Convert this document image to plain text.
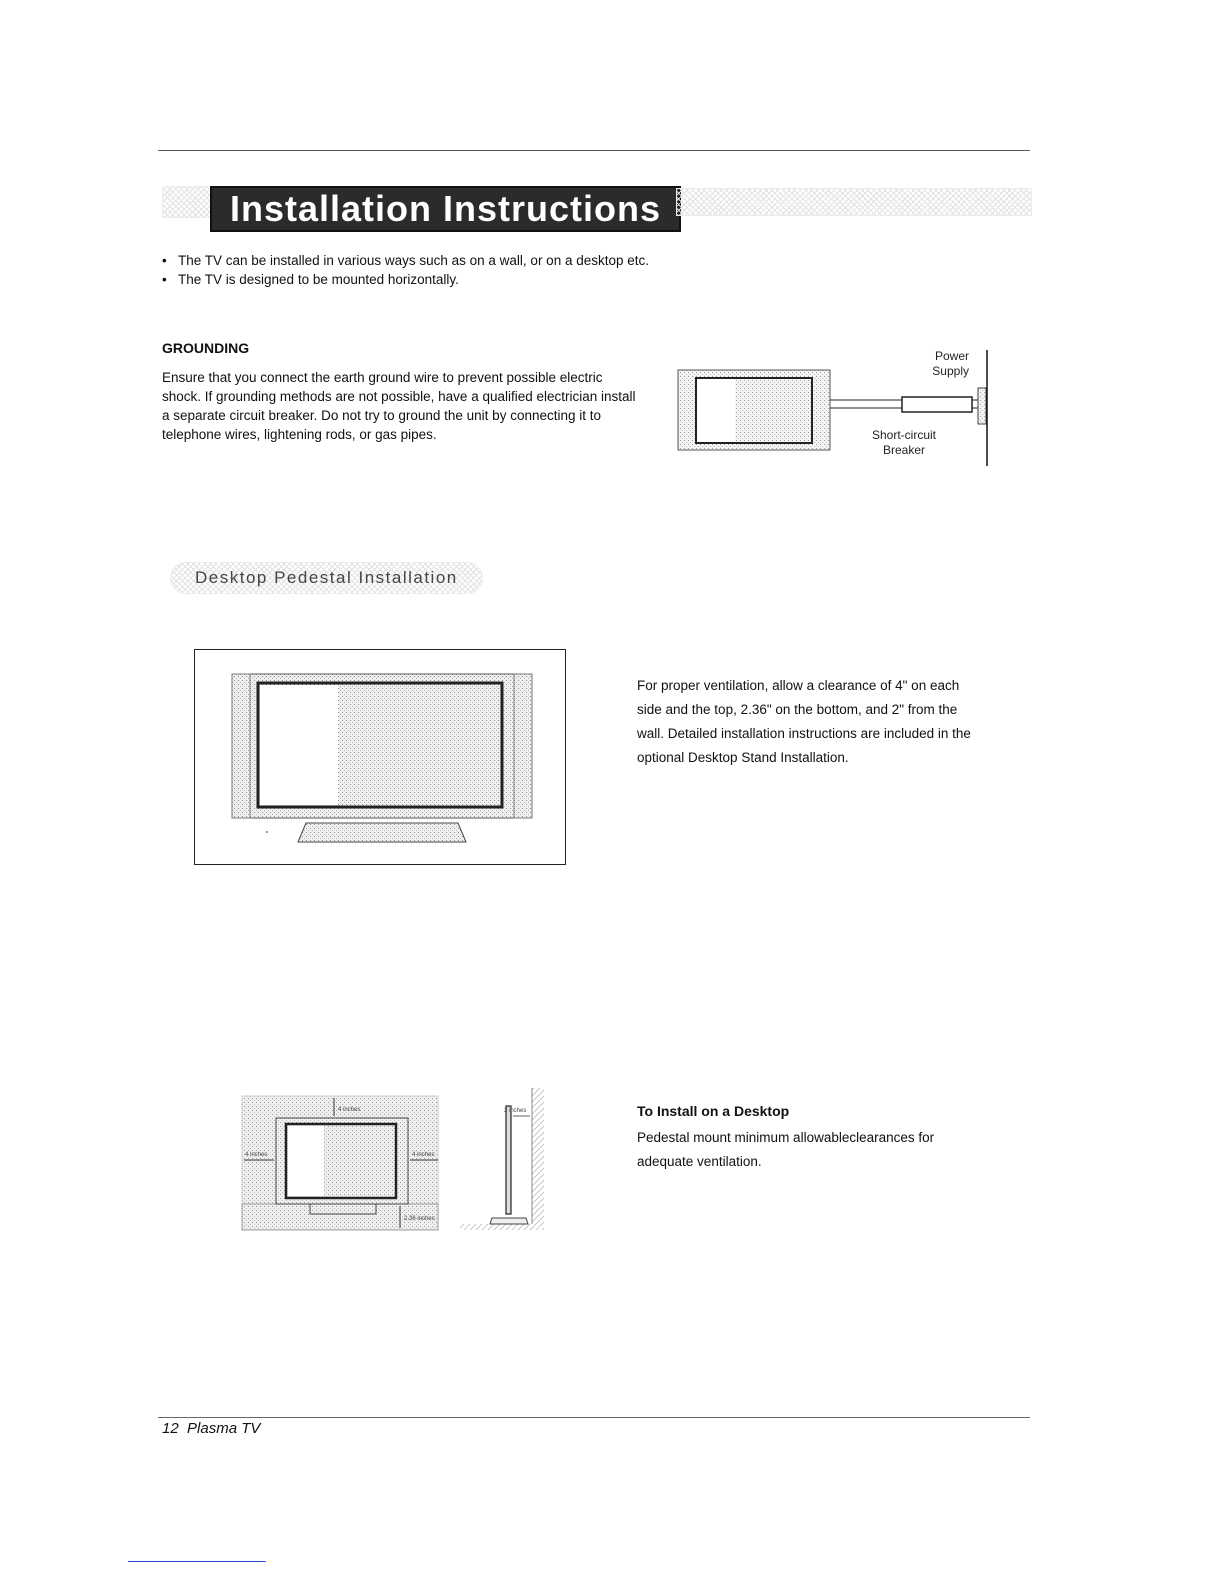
Installation Instructions
• The TV can be installed in various ways such as on a wall, or on a desktop etc.
• The TV is designed to be mounted horizontally.
GROUNDING
Ensure that you connect the earth ground wire to prevent possible electric shock. If grounding methods are not possible, have a qualified electrician install a separate circuit breaker. Do not try to ground the unit by connecting it to telephone wires, lightening rods, or gas pipes.
Power
Supply
Short-circuit
Breaker
Desktop Pedestal Installation
For proper ventilation, allow a clearance of 4" on each side and the top, 2.36" on the bottom, and 2" from the wall. Detailed installation instructions are included in the optional Desktop Stand Installation.
4 inches
4 inches	4 inches
2.36 inches
2 inches	To Install on a Desktop
Pedestal mount minimum allowableclearances for adequate ventilation.
12  Plasma TV
